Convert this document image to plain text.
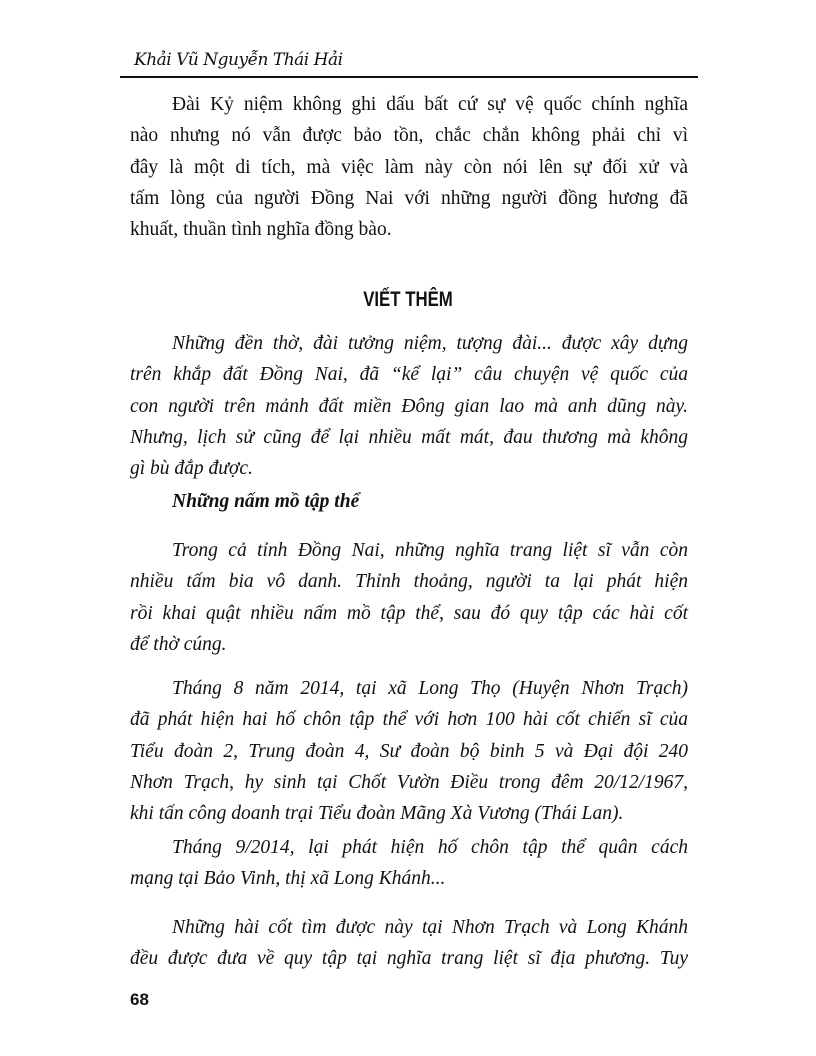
Khải Vũ Nguyễn Thái Hải
Đài Kỷ niệm không ghi dấu bất cứ sự vệ quốc chính nghĩa
nào nhưng nó vẫn được bảo tồn, chắc chắn không phải chỉ vì
đây là một di tích, mà việc làm này còn nói lên sự đối xử và
tấm lòng của người Đồng Nai với những người đồng hương đã
khuất, thuần tình nghĩa đồng bào.
Những đền thờ, đài tưởng niệm, tượng đài... được xây dựng
trên khắp đất Đồng Nai, đã “kể lại” câu chuyện vệ quốc của
con người trên mảnh đất miền Đông gian lao mà anh dũng này.
Nhưng, lịch sử cũng để lại nhiều mất mát, đau thương mà không
gì bù đắp được.
Trong cả tỉnh Đồng Nai, những nghĩa trang liệt sĩ vẫn còn
nhiều tấm bia vô danh. Thỉnh thoảng, người ta lại phát hiện
rồi khai quật nhiều nấm mồ tập thể, sau đó quy tập các hài cốt
để thờ cúng.
Tháng 8 năm 2014, tại xã Long Thọ (Huyện Nhơn Trạch)
đã phát hiện hai hố chôn tập thể với hơn 100 hài cốt chiến sĩ của
Tiểu đoàn 2, Trung đoàn 4, Sư đoàn bộ binh 5 và Đại đội 240
Nhơn Trạch, hy sinh tại Chốt Vườn Điều trong đêm 20/12/1967,
khi tấn công doanh trại Tiểu đoàn Mãng Xà Vương (Thái Lan).
Tháng 9/2014, lại phát hiện hố chôn tập thể quân cách
mạng tại Bảo Vinh, thị xã Long Khánh...
Những hài cốt tìm được này tại Nhơn Trạch và Long Khánh
đều được đưa về quy tập tại nghĩa trang liệt sĩ địa phương. Tuy
VIẾT THÊM
Những nấm mồ tập thể
68
